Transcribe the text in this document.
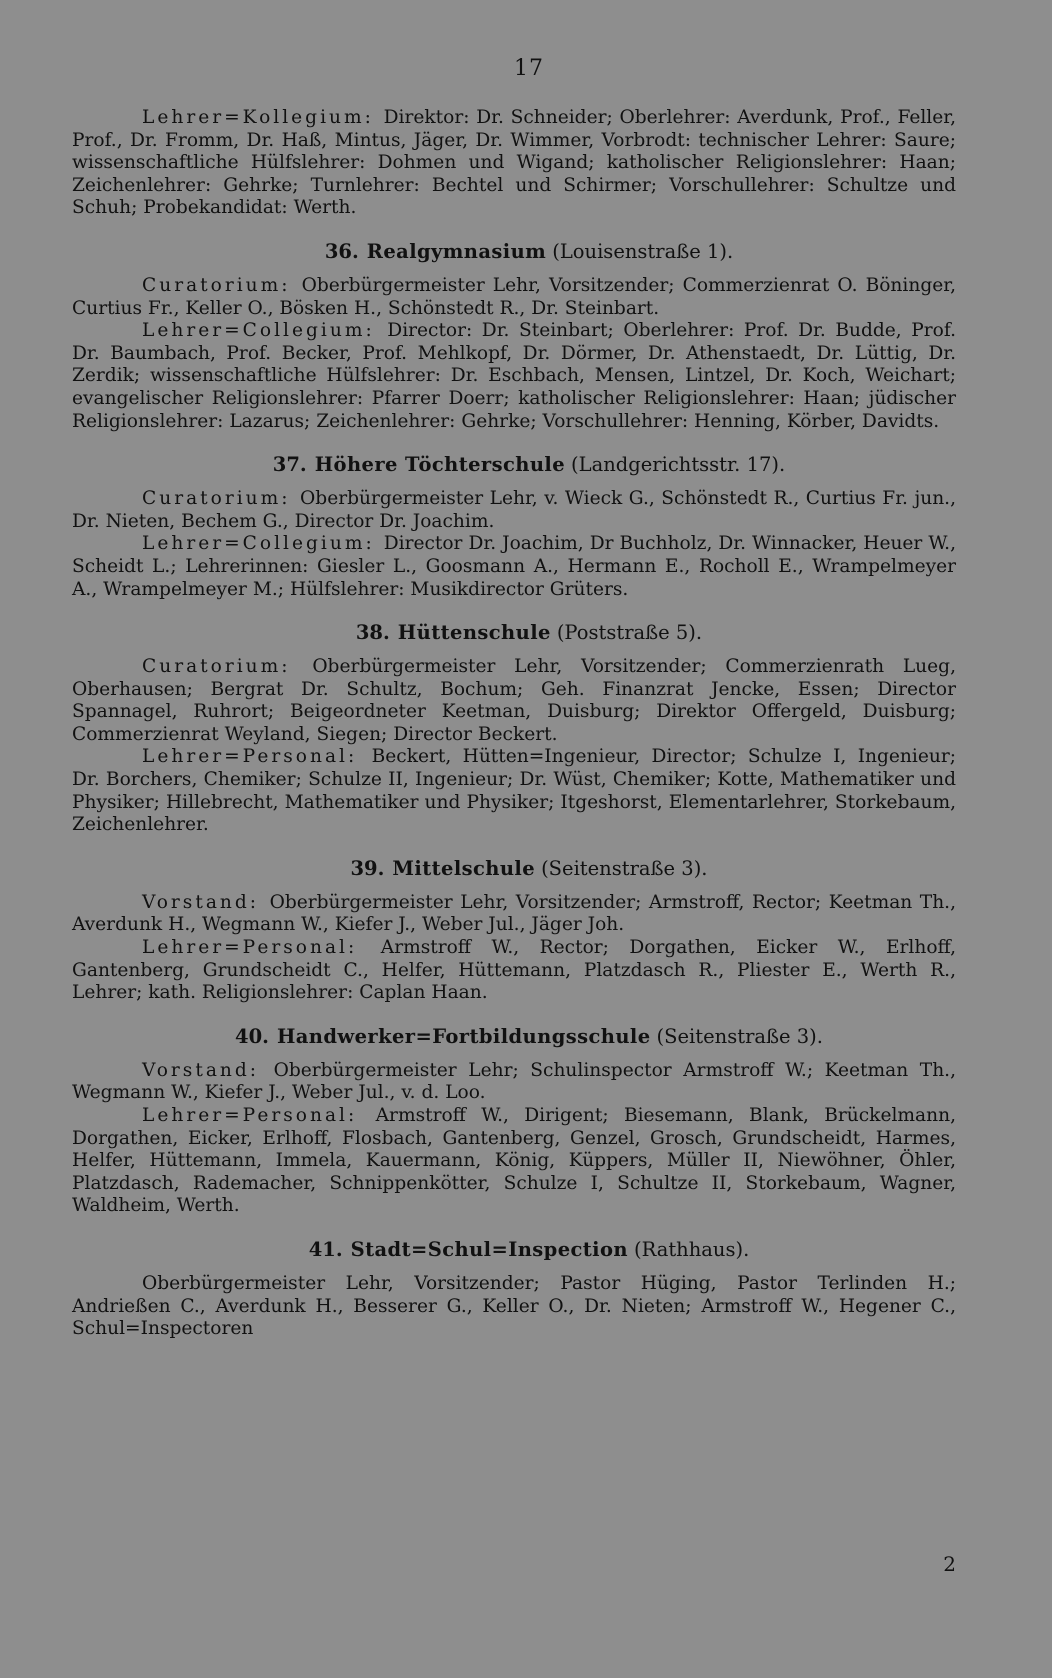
17

Lehrer=Kollegium: Direktor: Dr. Schneider; Oberlehrer: Averdunk, Prof., Feller, Prof., Dr. Fromm, Dr. Haß, Mintus, Jäger, Dr. Wimmer, Vorbrodt: technischer Lehrer: Saure; wissenschaftliche Hülfslehrer: Dohmen und Wigand; katholischer Religionslehrer: Haan; Zeichenlehrer: Gehrke; Turnlehrer: Bechtel und Schirmer; Vorschullehrer: Schultze und Schuh; Probekandidat: Werth.

36. Realgymnasium (Louisenstraße 1).

Curatorium: Oberbürgermeister Lehr, Vorsitzender; Commerzienrat O. Böninger, Curtius Fr., Keller O., Bösken H., Schönstedt R., Dr. Steinbart.

Lehrer=Collegium: Director: Dr. Steinbart; Oberlehrer: Prof. Dr. Budde, Prof. Dr. Baumbach, Prof. Becker, Prof. Mehlkopf, Dr. Dörmer, Dr. Athenstaedt, Dr. Lüttig, Dr. Zerdik; wissenschaftliche Hülfslehrer: Dr. Eschbach, Mensen, Lintzel, Dr. Koch, Weichart; evangelischer Religionslehrer: Pfarrer Doerr; katholischer Religionslehrer: Haan; jüdischer Religionslehrer: Lazarus; Zeichenlehrer: Gehrke; Vorschullehrer: Henning, Körber, Davidts.

37. Höhere Töchterschule (Landgerichtsstr. 17).

Curatorium: Oberbürgermeister Lehr, v. Wieck G., Schönstedt R., Curtius Fr. jun., Dr. Nieten, Bechem G., Director Dr. Joachim.

Lehrer=Collegium: Director Dr. Joachim, Dr Buchholz, Dr. Winnacker, Heuer W., Scheidt L.; Lehrerinnen: Giesler L., Goosmann A., Hermann E., Rocholl E., Wrampelmeyer A., Wrampelmeyer M.; Hülfslehrer: Musikdirector Grüters.

38. Hüttenschule (Poststraße 5).

Curatorium: Oberbürgermeister Lehr, Vorsitzender; Commerzienrath Lueg, Oberhausen; Bergrat Dr. Schultz, Bochum; Geh. Finanzrat Jencke, Essen; Director Spannagel, Ruhrort; Beigeordneter Keetman, Duisburg; Direktor Offergeld, Duisburg; Commerzienrat Weyland, Siegen; Director Beckert.

Lehrer=Personal: Beckert, Hütten=Ingenieur, Director; Schulze I, Ingenieur; Dr. Borchers, Chemiker; Schulze II, Ingenieur; Dr. Wüst, Chemiker; Kotte, Mathematiker und Physiker; Hillebrecht, Mathematiker und Physiker; Itgeshorst, Elementarlehrer, Storkebaum, Zeichenlehrer.

39. Mittelschule (Seitenstraße 3).

Vorstand: Oberbürgermeister Lehr, Vorsitzender; Armstroff, Rector; Keetman Th., Averdunk H., Wegmann W., Kiefer J., Weber Jul., Jäger Joh.

Lehrer=Personal: Armstroff W., Rector; Dorgathen, Eicker W., Erlhoff, Gantenberg, Grundscheidt C., Helfer, Hüttemann, Platzdasch R., Pliester E., Werth R., Lehrer; kath. Religionslehrer: Caplan Haan.

40. Handwerker=Fortbildungsschule (Seitenstraße 3).

Vorstand: Oberbürgermeister Lehr; Schulinspector Armstroff W.; Keetman Th., Wegmann W., Kiefer J., Weber Jul., v. d. Loo.

Lehrer=Personal: Armstroff W., Dirigent; Biesemann, Blank, Brückelmann, Dorgathen, Eicker, Erlhoff, Flosbach, Gantenberg, Genzel, Grosch, Grundscheidt, Harmes, Helfer, Hüttemann, Immela, Kauermann, König, Küppers, Müller II, Niewöhner, Öhler, Platzdasch, Rademacher, Schnippenkötter, Schulze I, Schultze II, Storkebaum, Wagner, Waldheim, Werth.

41. Stadt=Schul=Inspection (Rathhaus).

Oberbürgermeister Lehr, Vorsitzender; Pastor Hüging, Pastor Terlinden H.; Andrießen C., Averdunk H., Besserer G., Keller O., Dr. Nieten; Armstroff W., Hegener C., Schul=Inspectoren

2
